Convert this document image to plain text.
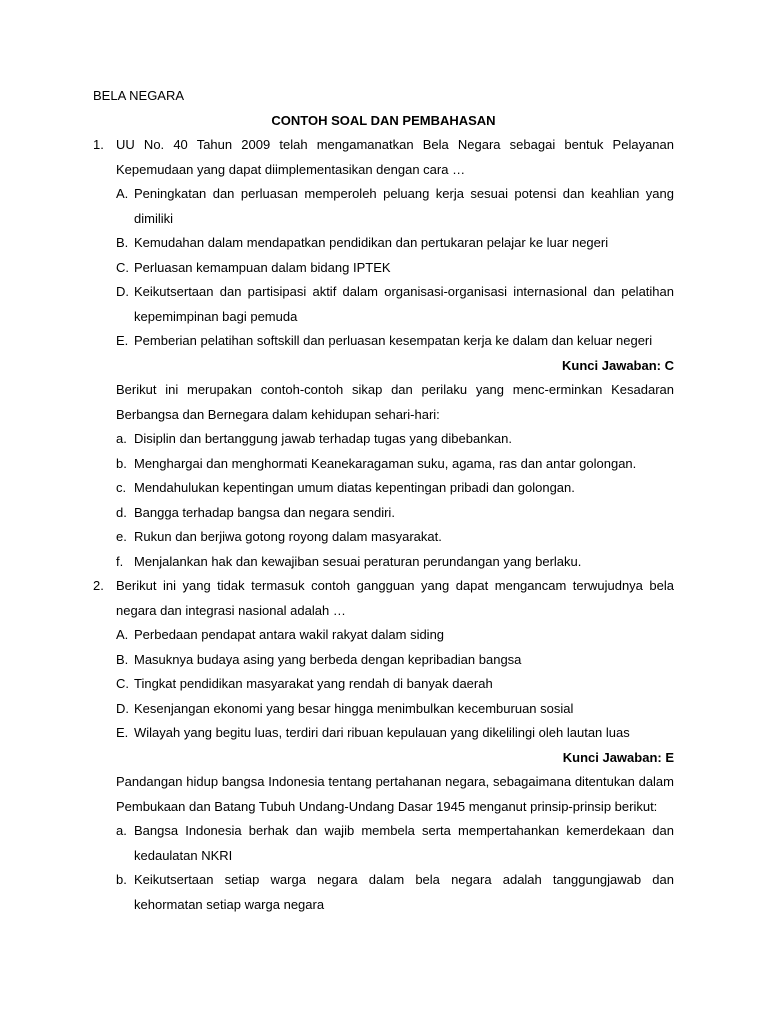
BELA NEGARA
CONTOH SOAL DAN PEMBAHASAN
1. UU No. 40 Tahun 2009 telah mengamanatkan Bela Negara sebagai bentuk Pelayanan Kepemudaan yang dapat diimplementasikan dengan cara …
A. Peningkatan dan perluasan memperoleh peluang kerja sesuai potensi dan keahlian yang dimiliki
B. Kemudahan dalam mendapatkan pendidikan dan pertukaran pelajar ke luar negeri
C. Perluasan kemampuan dalam bidang IPTEK
D. Keikutsertaan dan partisipasi aktif dalam organisasi-organisasi internasional dan pelatihan kepemimpinan bagi pemuda
E. Pemberian pelatihan softskill dan perluasan kesempatan kerja ke dalam dan keluar negeri
Kunci Jawaban: C
Berikut ini merupakan contoh-contoh sikap dan perilaku yang menc-erminkan Kesadaran Berbangsa dan Bernegara dalam kehidupan sehari-hari:
a. Disiplin dan bertanggung jawab terhadap tugas yang dibebankan.
b. Menghargai dan menghormati Keanekaragaman suku, agama, ras dan antar golongan.
c. Mendahulukan kepentingan umum diatas kepentingan pribadi dan golongan.
d. Bangga terhadap bangsa dan negara sendiri.
e. Rukun dan berjiwa gotong royong dalam masyarakat.
f. Menjalankan hak dan kewajiban sesuai peraturan perundangan yang berlaku.
2. Berikut ini yang tidak termasuk contoh gangguan yang dapat mengancam terwujudnya bela negara dan integrasi nasional adalah …
A. Perbedaan pendapat antara wakil rakyat dalam siding
B. Masuknya budaya asing yang berbeda dengan kepribadian bangsa
C. Tingkat pendidikan masyarakat yang rendah di banyak daerah
D. Kesenjangan ekonomi yang besar hingga menimbulkan kecemburuan sosial
E. Wilayah yang begitu luas, terdiri dari ribuan kepulauan yang dikelilingi oleh lautan luas
Kunci Jawaban: E
Pandangan hidup bangsa Indonesia tentang pertahanan negara, sebagaimana ditentukan dalam Pembukaan dan Batang Tubuh Undang-Undang Dasar 1945 menganut prinsip-prinsip berikut:
a. Bangsa Indonesia berhak dan wajib membela serta mempertahankan kemerdekaan dan kedaulatan NKRI
b. Keikutsertaan setiap warga negara dalam bela negara adalah tanggungjawab dan kehormatan setiap warga negara
